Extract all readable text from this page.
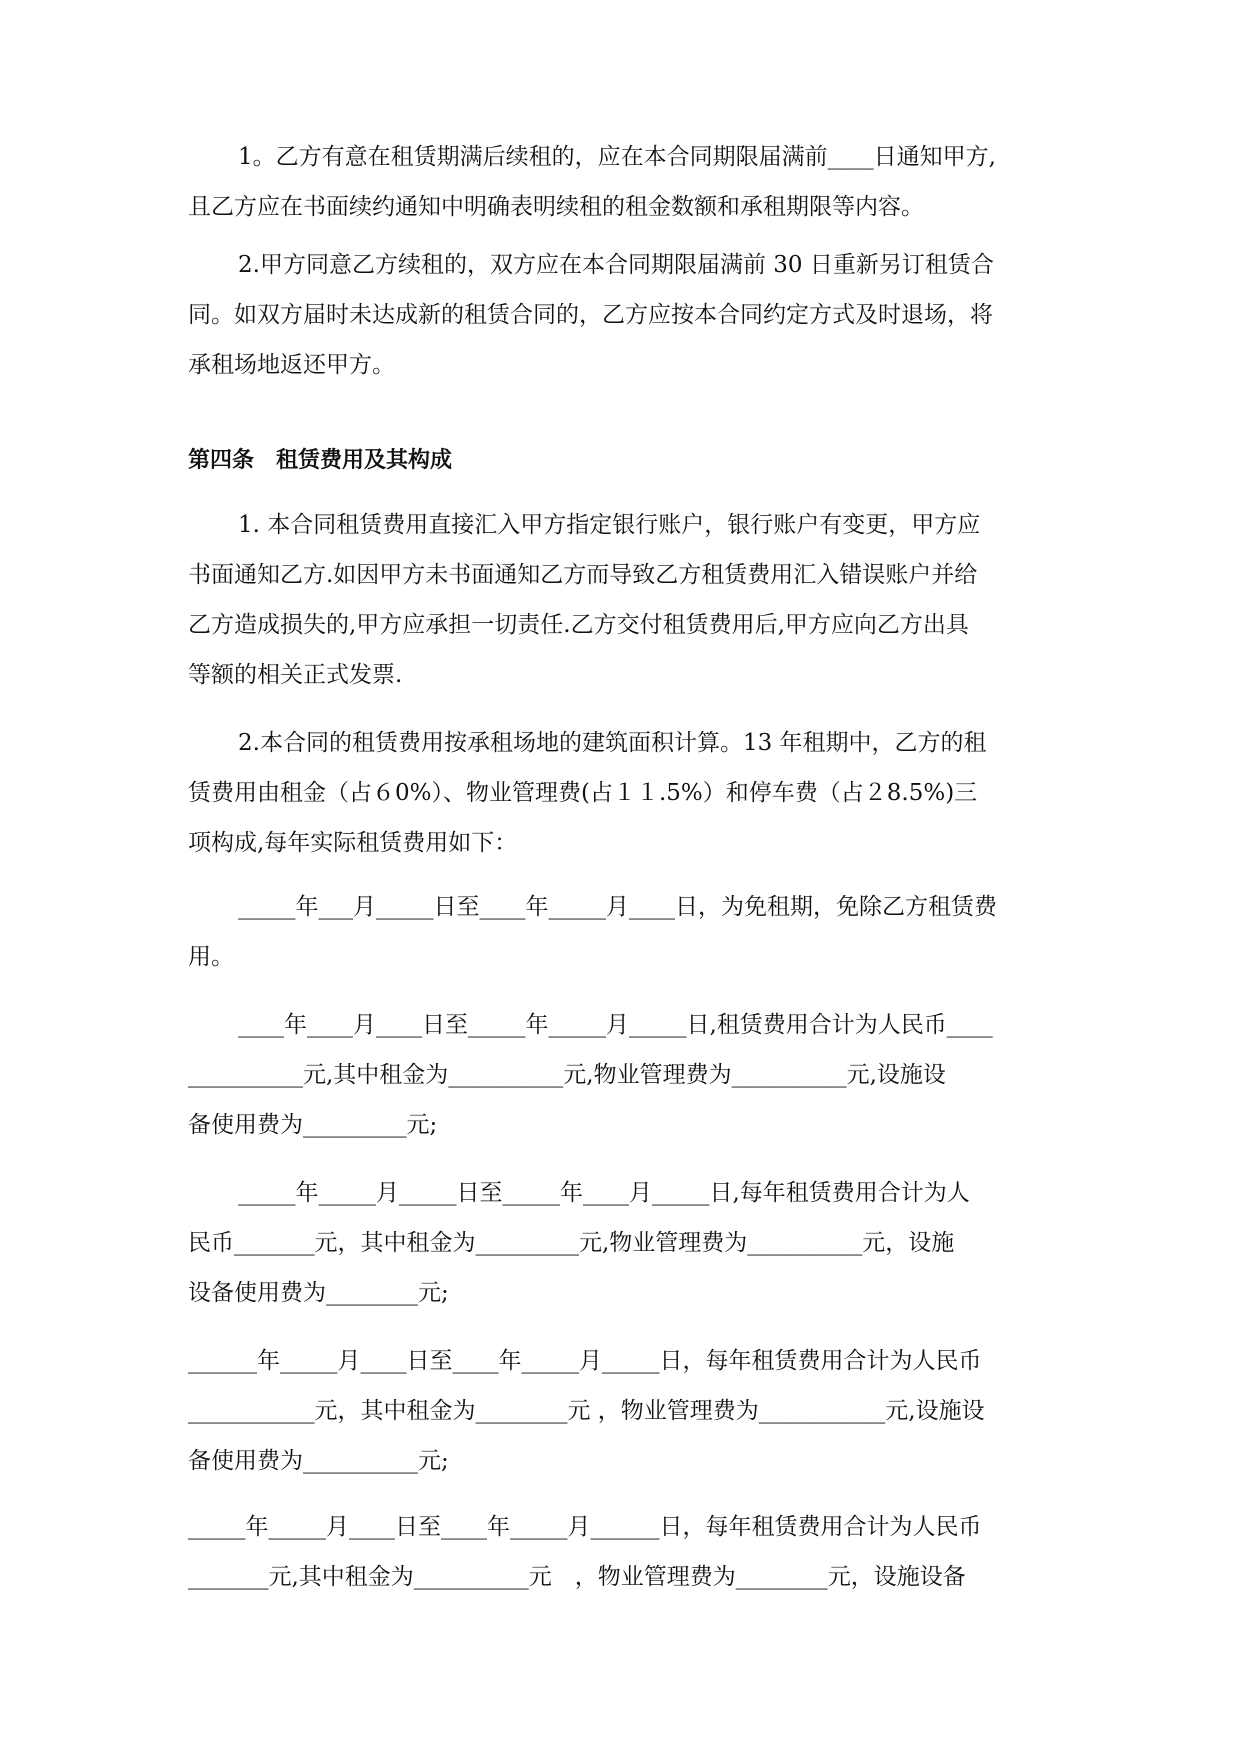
1。乙方有意在租赁期满后续租的，应在本合同期限届满前____日通知甲方,
且乙方应在书面续约通知中明确表明续租的租金数额和承租期限等内容。

2.甲方同意乙方续租的，双方应在本合同期限届满前 30 日重新另订租赁合
同。如双方届时未达成新的租赁合同的，乙方应按本合同约定方式及时退场，将
承租场地返还甲方。

第四条　租赁费用及其构成

1. 本合同租赁费用直接汇入甲方指定银行账户，银行账户有变更，甲方应
书面通知乙方.如因甲方未书面通知乙方而导致乙方租赁费用汇入错误账户并给
乙方造成损失的,甲方应承担一切责任.乙方交付租赁费用后,甲方应向乙方出具
等额的相关正式发票.

2.本合同的租赁费用按承租场地的建筑面积计算。13 年租期中，乙方的租
赁费用由租金（占６0%）、物业管理费(占１１.5%）和停车费（占２8.5%)三
项构成,每年实际租赁费用如下：

_____年___月_____日至____年_____月____日，为免租期，免除乙方租赁费
用。

____年____月____日至_____年_____月_____日,租赁费用合计为人民币____
__________元,其中租金为__________元,物业管理费为__________元,设施设
备使用费为_________元;

_____年_____月_____日至_____年____月_____日,每年租赁费用合计为人
民币_______元，其中租金为_________元,物业管理费为__________元，设施
设备使用费为________元;

______年_____月____日至____年_____月_____日，每年租赁费用合计为人民币
___________元，其中租金为________元 ，物业管理费为___________元,设施设
备使用费为__________元;

_____年_____月____日至____年_____月______日，每年租赁费用合计为人民币
_______元,其中租金为__________元　，物业管理费为________元，设施设备
